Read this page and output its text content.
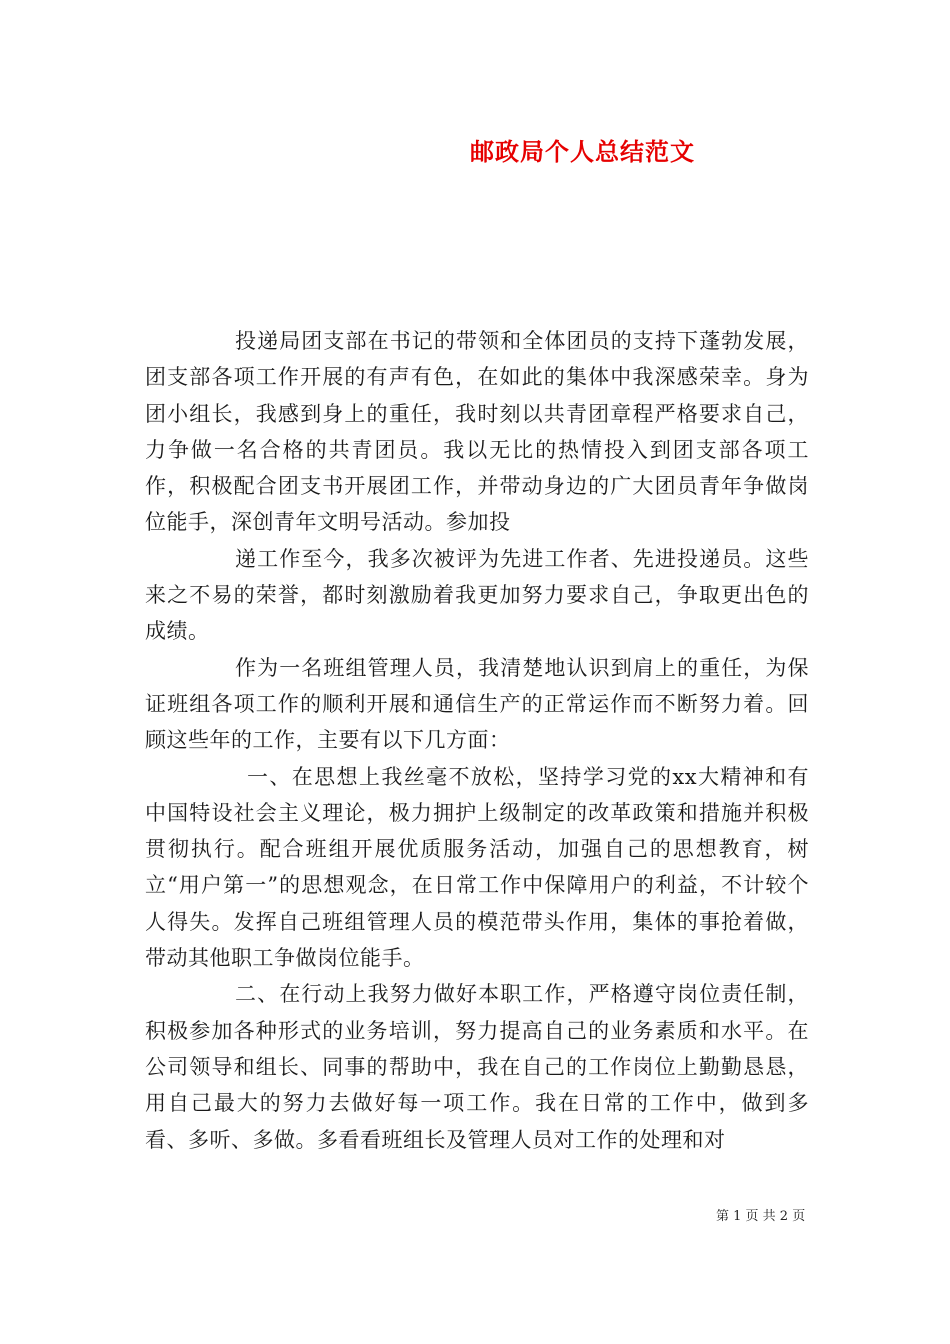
邮政局个人总结范文

投递局团支部在书记的带领和全体团员的支持下蓬勃发展，团支部各项工作开展的有声有色，在如此的集体中我深感荣幸。身为团小组长，我感到身上的重任，我时刻以共青团章程严格要求自己，力争做一名合格的共青团员。我以无比的热情投入到团支部各项工作，积极配合团支书开展团工作，并带动身边的广大团员青年争做岗位能手，深创青年文明号活动。参加投

递工作至今，我多次被评为先进工作者、先进投递员。这些来之不易的荣誉，都时刻激励着我更加努力要求自己，争取更出色的成绩。

作为一名班组管理人员，我清楚地认识到肩上的重任，为保证班组各项工作的顺利开展和通信生产的正常运作而不断努力着。回顾这些年的工作，主要有以下几方面：

一、在思想上我丝毫不放松，坚持学习党的xx大精神和有中国特设社会主义理论，极力拥护上级制定的改革政策和措施并积极贯彻执行。配合班组开展优质服务活动，加强自己的思想教育，树立“用户第一”的思想观念，在日常工作中保障用户的利益，不计较个人得失。发挥自己班组管理人员的模范带头作用，集体的事抢着做，带动其他职工争做岗位能手。

二、在行动上我努力做好本职工作，严格遵守岗位责任制，积极参加各种形式的业务培训，努力提高自己的业务素质和水平。在公司领导和组长、同事的帮助中，我在自己的工作岗位上勤勤恳恳，用自己最大的努力去做好每一项工作。我在日常的工作中，做到多看、多听、多做。多看看班组长及管理人员对工作的处理和对

第 1 页 共 2 页
